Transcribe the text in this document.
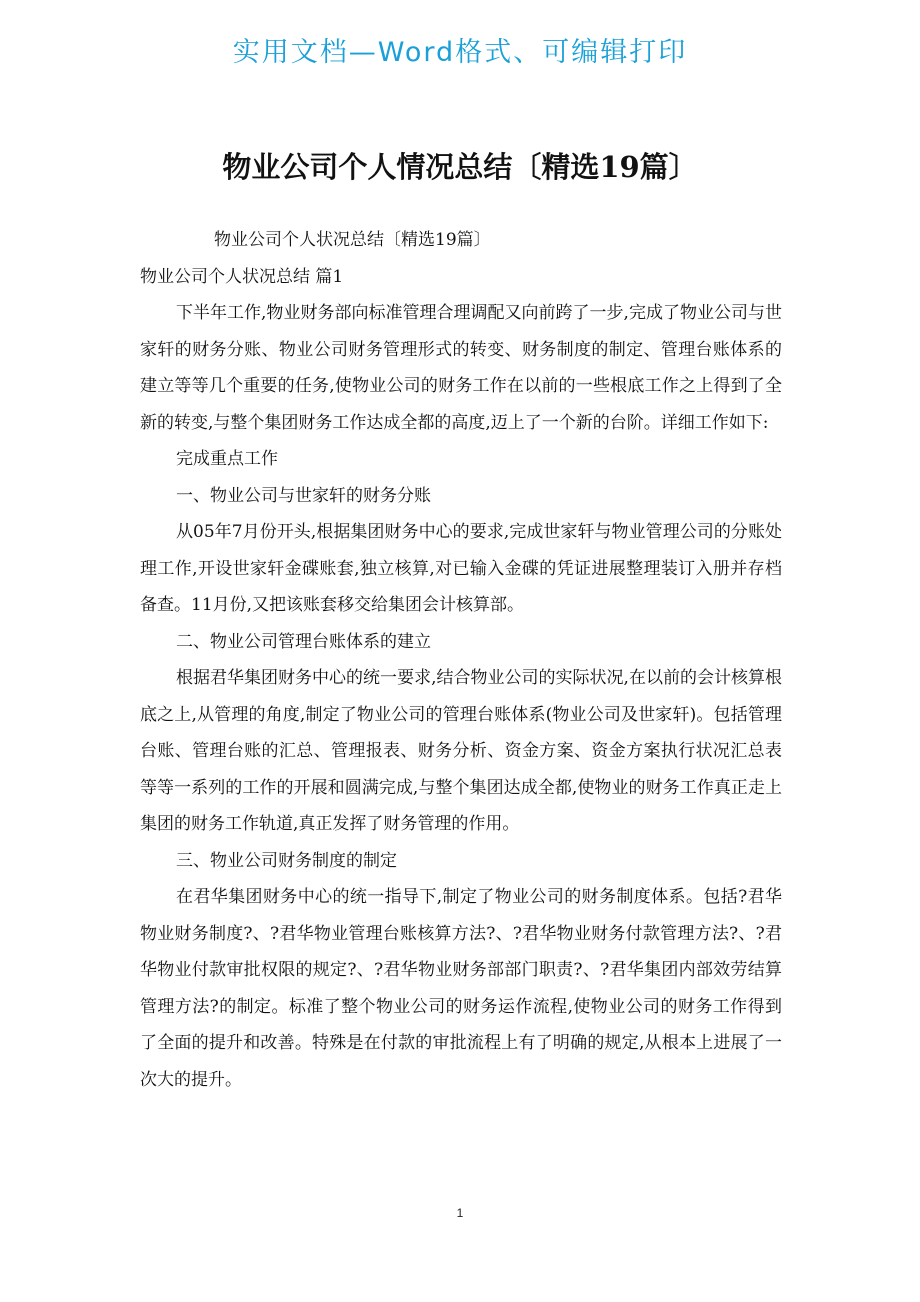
实用文档—Word格式、可编辑打印
物业公司个人情况总结〔精选19篇〕

物业公司个人状况总结〔精选19篇〕

物业公司个人状况总结 篇1

下半年工作,物业财务部向标准管理合理调配又向前跨了一步,完成了物业公司与世家轩的财务分账、物业公司财务管理形式的转变、财务制度的制定、管理台账体系的建立等等几个重要的任务,使物业公司的财务工作在以前的一些根底工作之上得到了全新的转变,与整个集团财务工作达成全都的高度,迈上了一个新的台阶。详细工作如下:

完成重点工作

一、物业公司与世家轩的财务分账

从05年7月份开头,根据集团财务中心的要求,完成世家轩与物业管理公司的分账处理工作,开设世家轩金碟账套,独立核算,对已输入金碟的凭证进展整理装订入册并存档备查。11月份,又把该账套移交给集团会计核算部。

二、物业公司管理台账体系的建立

根据君华集团财务中心的统一要求,结合物业公司的实际状况,在以前的会计核算根底之上,从管理的角度,制定了物业公司的管理台账体系(物业公司及世家轩)。包括管理台账、管理台账的汇总、管理报表、财务分析、资金方案、资金方案执行状况汇总表等等一系列的工作的开展和圆满完成,与整个集团达成全都,使物业的财务工作真正走上集团的财务工作轨道,真正发挥了财务管理的作用。

三、物业公司财务制度的制定

在君华集团财务中心的统一指导下,制定了物业公司的财务制度体系。包括?君华物业财务制度?、?君华物业管理台账核算方法?、?君华物业财务付款管理方法?、?君华物业付款审批权限的规定?、?君华物业财务部部门职责?、?君华集团内部效劳结算管理方法?的制定。标准了整个物业公司的财务运作流程,使物业公司的财务工作得到了全面的提升和改善。特殊是在付款的审批流程上有了明确的规定,从根本上进展了一次大的提升。

1
